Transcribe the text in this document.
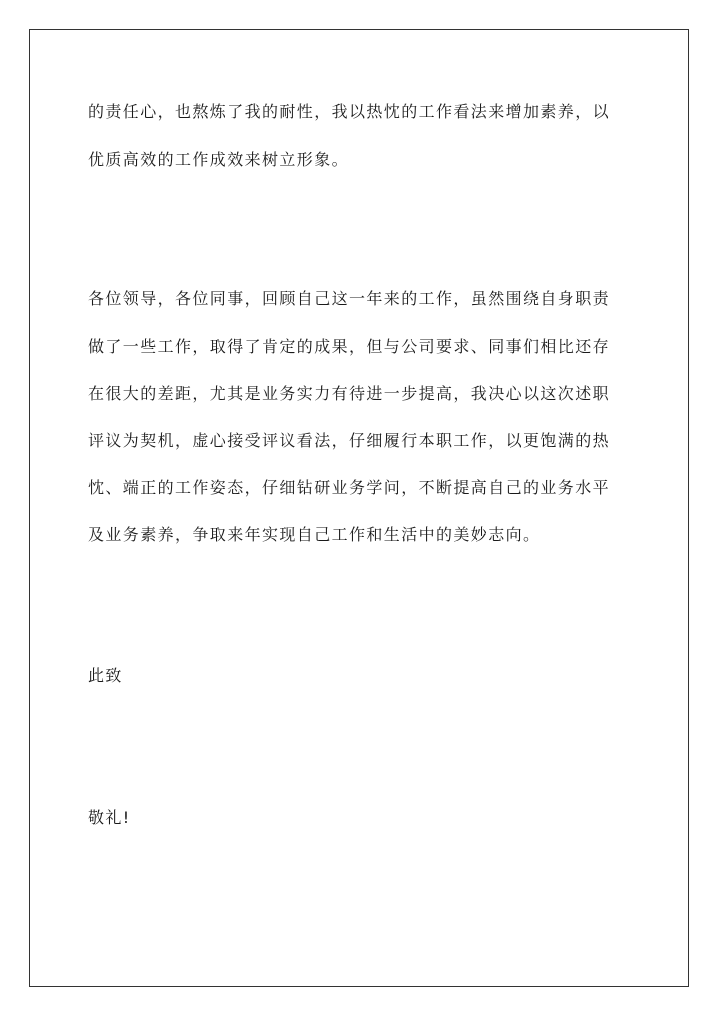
的责任心，也熬炼了我的耐性，我以热忱的工作看法来增加素养，以
优质高效的工作成效来树立形象。
各位领导，各位同事，回顾自己这一年来的工作，虽然围绕自身职责
做了一些工作，取得了肯定的成果，但与公司要求、同事们相比还存
在很大的差距，尤其是业务实力有待进一步提高，我决心以这次述职
评议为契机，虚心接受评议看法，仔细履行本职工作，以更饱满的热
忱、端正的工作姿态，仔细钻研业务学问，不断提高自己的业务水平
及业务素养，争取来年实现自己工作和生活中的美妙志向。
此致
敬礼!
